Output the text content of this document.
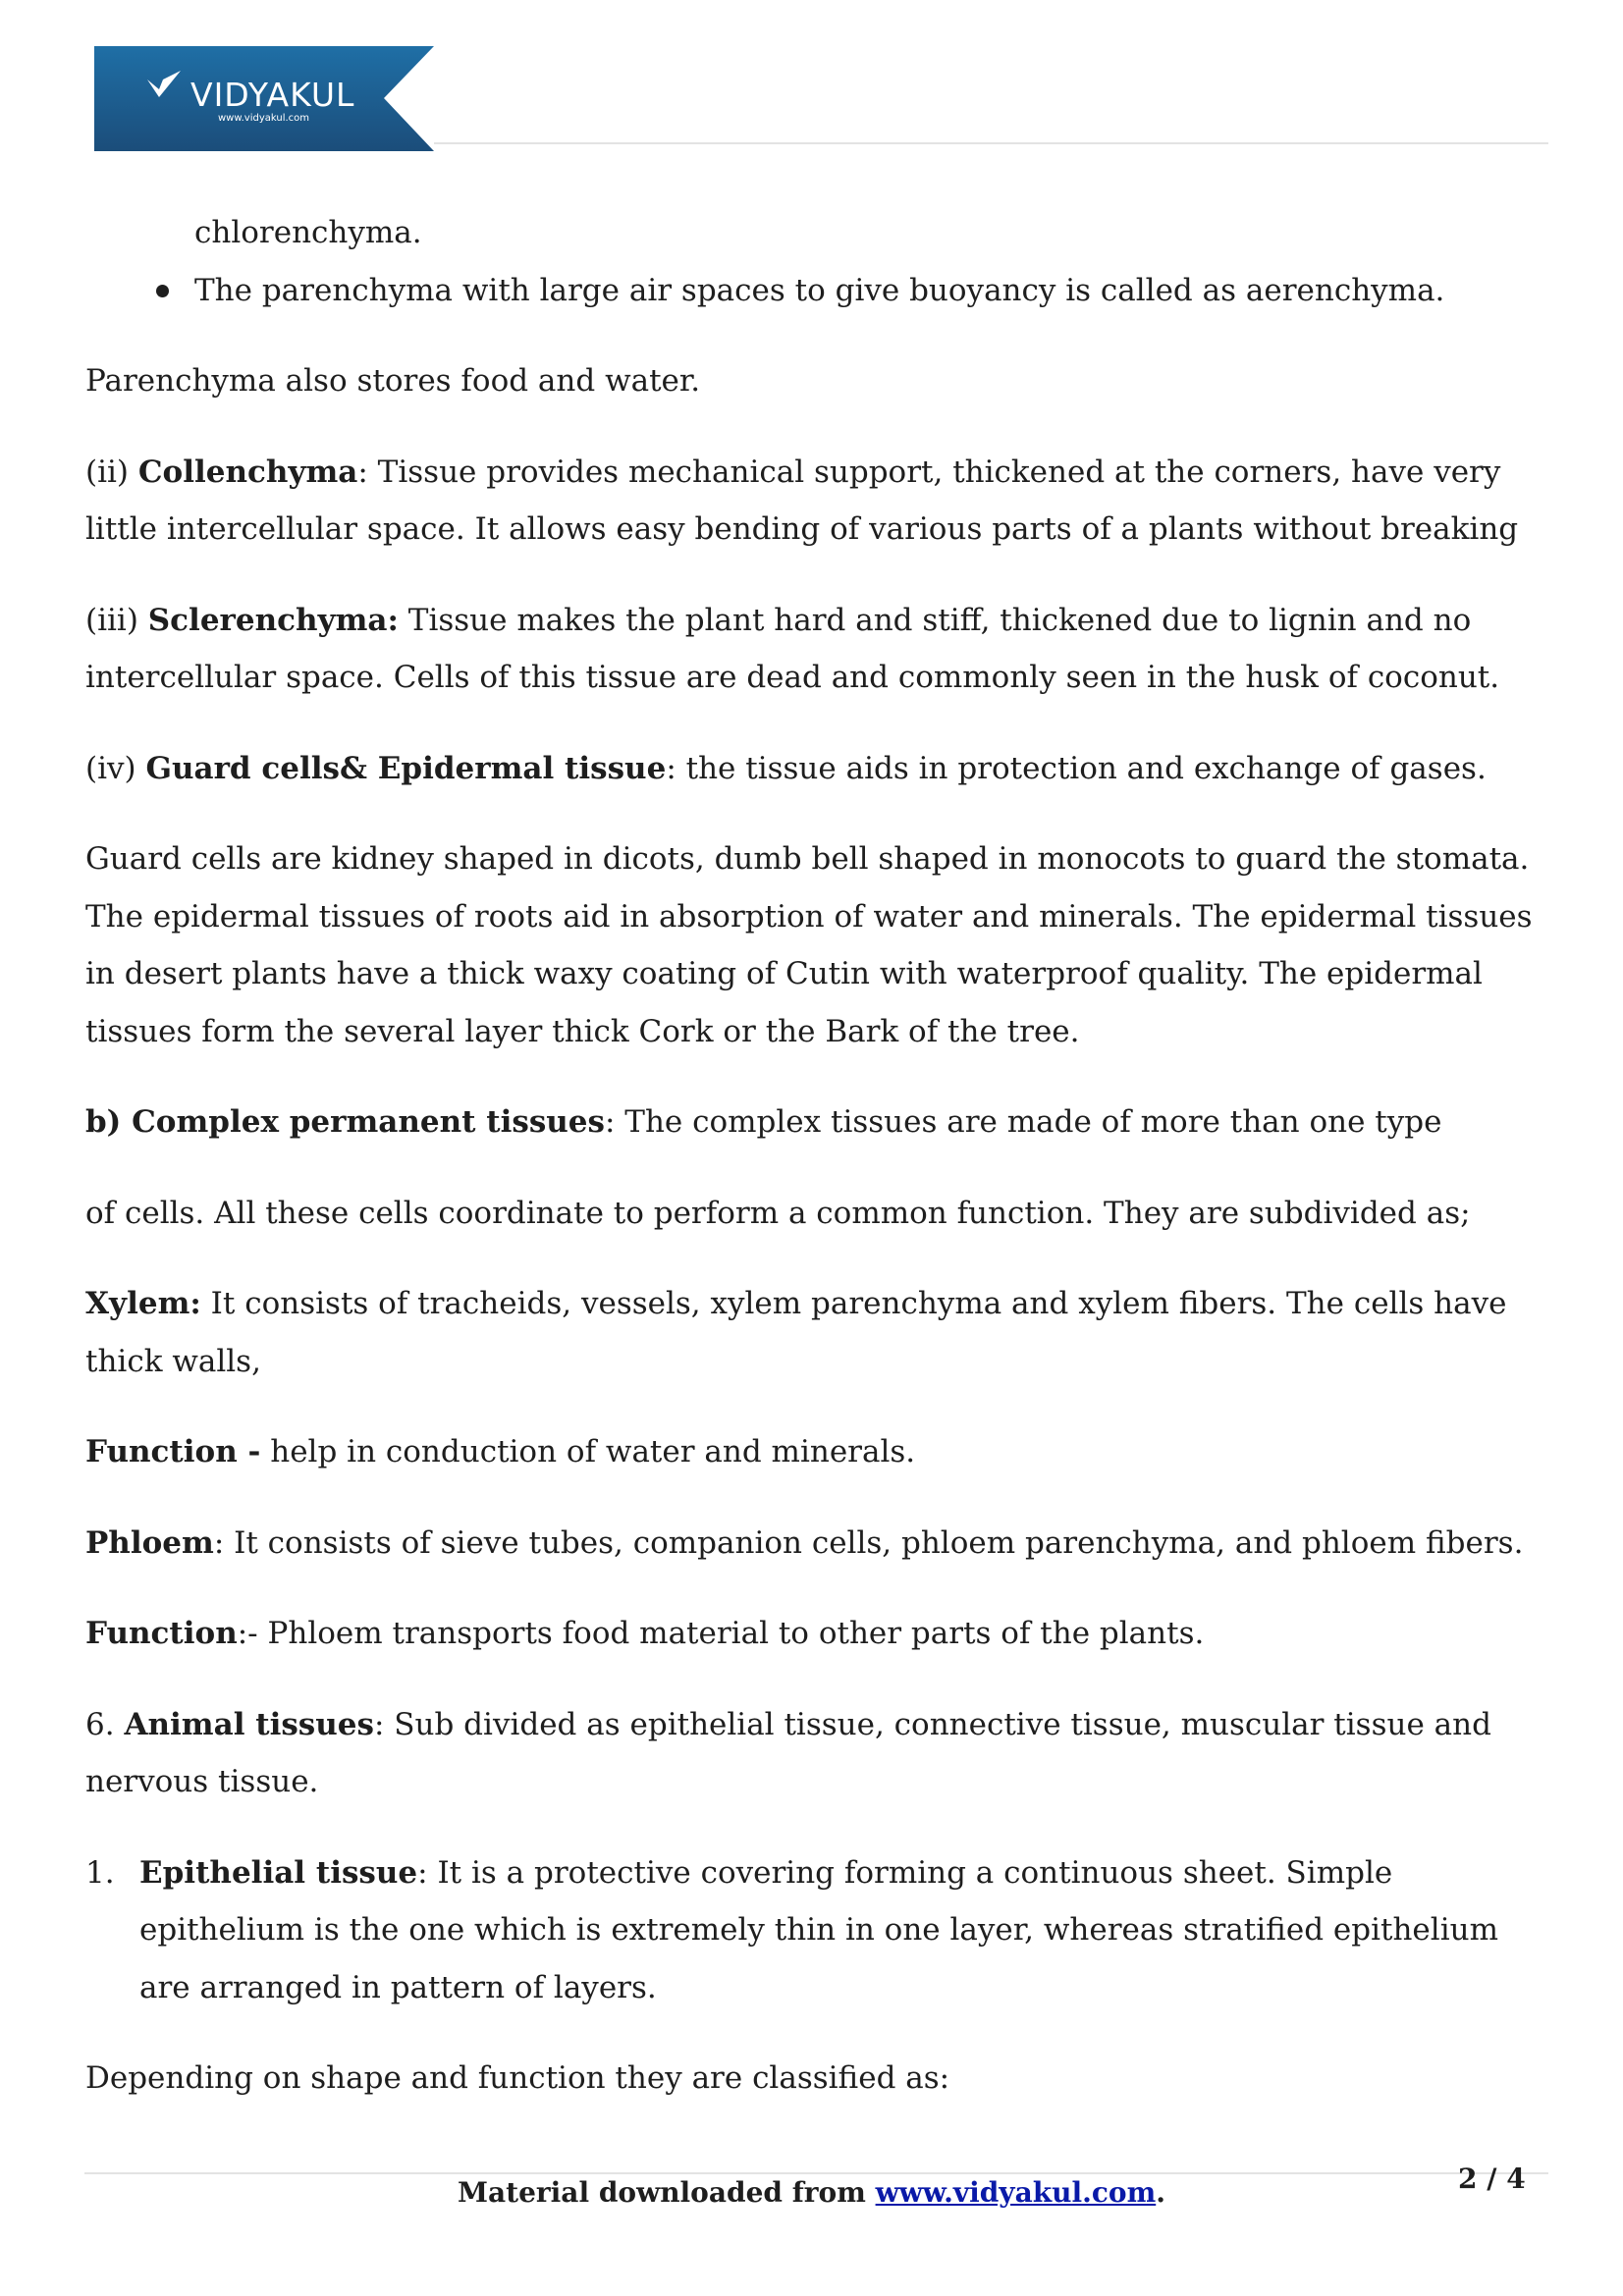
VIDYAKUL
www.vidyakul.com

chlorenchyma.

The parenchyma with large air spaces to give buoyancy is called as aerenchyma.

Parenchyma also stores food and water.

(ii) Collenchyma: Tissue provides mechanical support, thickened at the corners, have very little intercellular space. It allows easy bending of various parts of a plants without breaking

(iii) Sclerenchyma: Tissue makes the plant hard and stiff, thickened due to lignin and no intercellular space. Cells of this tissue are dead and commonly seen in the husk of coconut.

(iv) Guard cells& Epidermal tissue: the tissue aids in protection and exchange of gases.

Guard cells are kidney shaped in dicots, dumb bell shaped in monocots to guard the stomata. The epidermal tissues of roots aid in absorption of water and minerals. The epidermal tissues in desert plants have a thick waxy coating of Cutin with waterproof quality. The epidermal tissues form the several layer thick Cork or the Bark of the tree.

b) Complex permanent tissues: The complex tissues are made of more than one type

of cells. All these cells coordinate to perform a common function. They are subdivided as;

Xylem: It consists of tracheids, vessels, xylem parenchyma and xylem fibers. The cells have thick walls,

Function - help in conduction of water and minerals.

Phloem: It consists of sieve tubes, companion cells, phloem parenchyma, and phloem fibers.

Function:- Phloem transports food material to other parts of the plants.

6. Animal tissues: Sub divided as epithelial tissue, connective tissue, muscular tissue and nervous tissue.

1. Epithelial tissue: It is a protective covering forming a continuous sheet. Simple epithelium is the one which is extremely thin in one layer, whereas stratified epithelium are arranged in pattern of layers.

Depending on shape and function they are classified as:

Material downloaded from www.vidyakul.com.	2 / 4
